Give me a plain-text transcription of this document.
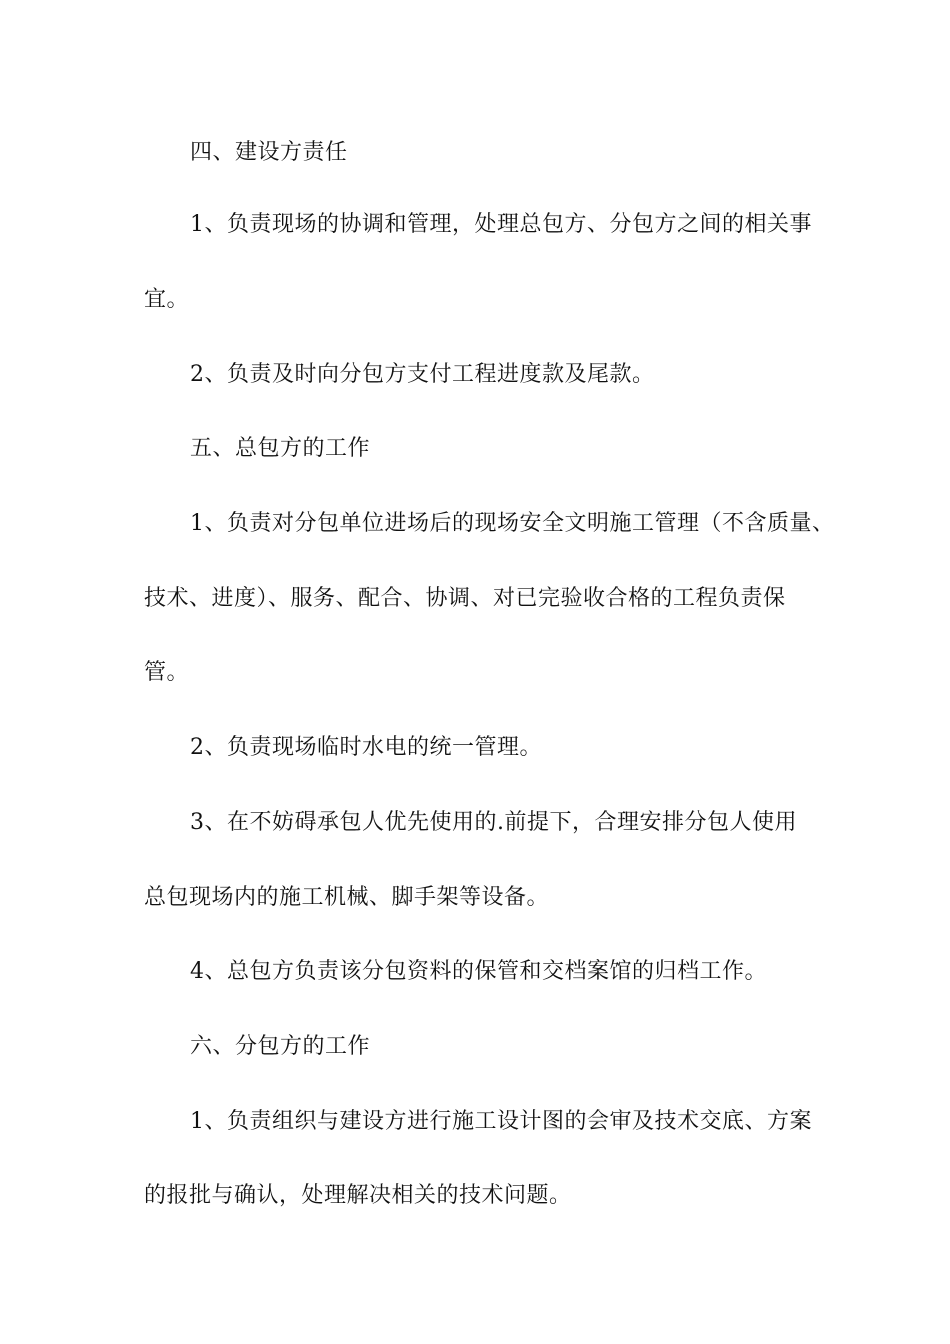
四、建设方责任
1、负责现场的协调和管理，处理总包方、分包方之间的相关事
宜。
2、负责及时向分包方支付工程进度款及尾款。
五、总包方的工作
1、负责对分包单位进场后的现场安全文明施工管理（不含质量、
技术、进度）、服务、配合、协调、对已完验收合格的工程负责保
管。
2、负责现场临时水电的统一管理。
3、在不妨碍承包人优先使用的.前提下，合理安排分包人使用
总包现场内的施工机械、脚手架等设备。
4、总包方负责该分包资料的保管和交档案馆的归档工作。
六、分包方的工作
1、负责组织与建设方进行施工设计图的会审及技术交底、方案
的报批与确认，处理解决相关的技术问题。
